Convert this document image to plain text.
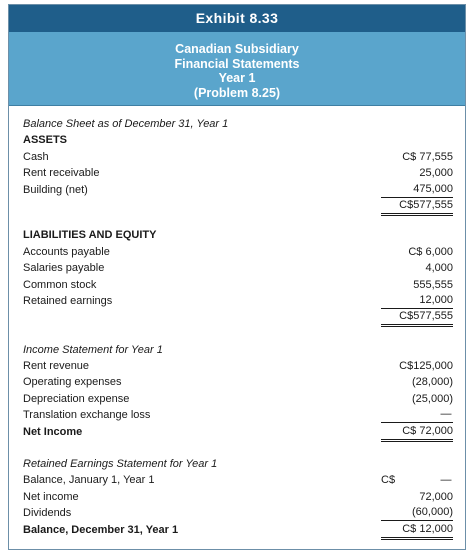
Exhibit 8.33
Canadian Subsidiary
Financial Statements
Year 1
(Problem 8.25)
Balance Sheet as of December 31, Year 1
ASSETS
Cash	C$ 77,555
Rent receivable	25,000
Building (net)	475,000
C$577,555
LIABILITIES AND EQUITY
Accounts payable	C$ 6,000
Salaries payable	4,000
Common stock	555,555
Retained earnings	12,000
C$577,555
Income Statement for Year 1
Rent revenue	C$125,000
Operating expenses	(28,000)
Depreciation expense	(25,000)
Translation exchange loss	—
Net Income	C$ 72,000
Retained Earnings Statement for Year 1
Balance, January 1, Year 1	C$	—
Net income	72,000
Dividends	(60,000)
Balance, December 31, Year 1	C$ 12,000
